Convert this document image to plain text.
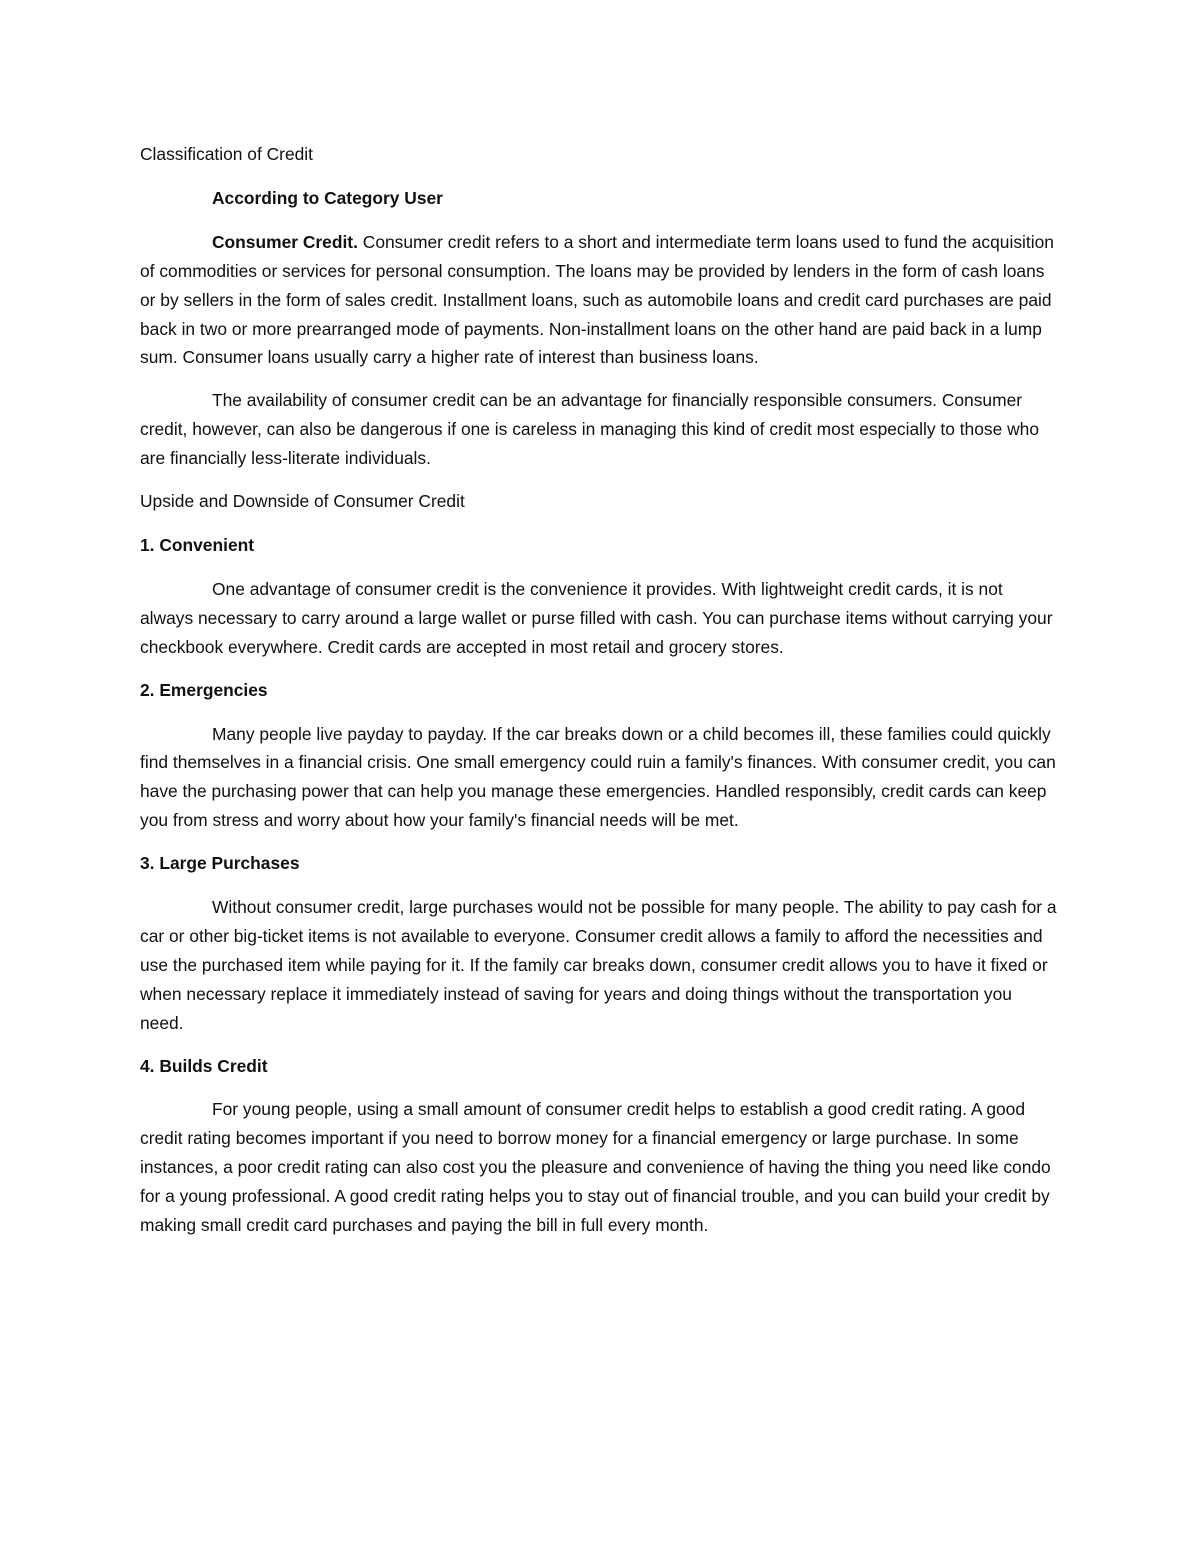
Classification of Credit

According to Category User

Consumer Credit. Consumer credit refers to a short and intermediate term loans used to fund the acquisition of commodities or services for personal consumption. The loans may be provided by lenders in the form of cash loans or by sellers in the form of sales credit. Installment loans, such as automobile loans and credit card purchases are paid back in two or more prearranged mode of payments. Non-installment loans on the other hand are paid back in a lump sum. Consumer loans usually carry a higher rate of interest than business loans.

The availability of consumer credit can be an advantage for financially responsible consumers. Consumer credit, however, can also be dangerous if one is careless in managing this kind of credit most especially to those who are financially less-literate individuals.

Upside and Downside of Consumer Credit

1. Convenient

One advantage of consumer credit is the convenience it provides. With lightweight credit cards, it is not always necessary to carry around a large wallet or purse filled with cash. You can purchase items without carrying your checkbook everywhere. Credit cards are accepted in most retail and grocery stores.

2. Emergencies

Many people live payday to payday. If the car breaks down or a child becomes ill, these families could quickly find themselves in a financial crisis. One small emergency could ruin a family's finances. With consumer credit, you can have the purchasing power that can help you manage these emergencies. Handled responsibly, credit cards can keep you from stress and worry about how your family's financial needs will be met.

3. Large Purchases

Without consumer credit, large purchases would not be possible for many people. The ability to pay cash for a car or other big-ticket items is not available to everyone. Consumer credit allows a family to afford the necessities and use the purchased item while paying for it. If the family car breaks down, consumer credit allows you to have it fixed or when necessary replace it immediately instead of saving for years and doing things without the transportation you need.

4. Builds Credit

For young people, using a small amount of consumer credit helps to establish a good credit rating. A good credit rating becomes important if you need to borrow money for a financial emergency or large purchase. In some instances, a poor credit rating can also cost you the pleasure and convenience of having the thing you need like condo for a young professional. A good credit rating helps you to stay out of financial trouble, and you can build your credit by making small credit card purchases and paying the bill in full every month.
